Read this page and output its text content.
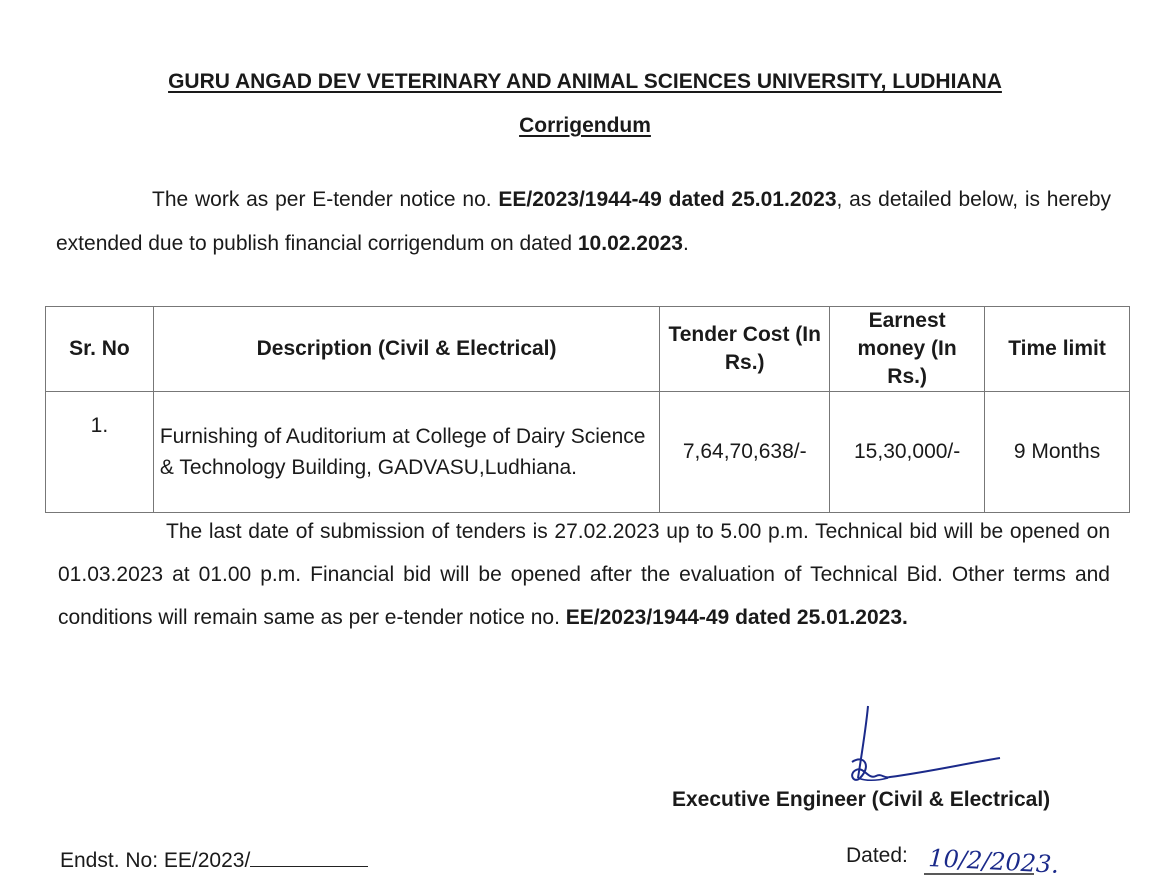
GURU ANGAD DEV VETERINARY AND ANIMAL SCIENCES UNIVERSITY, LUDHIANA
Corrigendum
The work as per E-tender notice no. EE/2023/1944-49 dated 25.01.2023, as detailed below, is hereby extended due to publish financial corrigendum on dated 10.02.2023.
Sr. No	Description (Civil & Electrical)	Tender Cost (In Rs.)	Earnest money (In Rs.)	Time limit
1.	Furnishing of Auditorium at College of Dairy Science & Technology Building, GADVASU,Ludhiana.	7,64,70,638/-	15,30,000/-	9 Months
The last date of submission of tenders is 27.02.2023 up to 5.00 p.m. Technical bid will be opened on 01.03.2023 at 01.00 p.m. Financial bid will be opened after the evaluation of Technical Bid. Other terms and conditions will remain same as per e-tender notice no. EE/2023/1944-49 dated 25.01.2023.
Executive Engineer (Civil & Electrical)
Endst. No: EE/2023/	Dated: 10/2/2023.
